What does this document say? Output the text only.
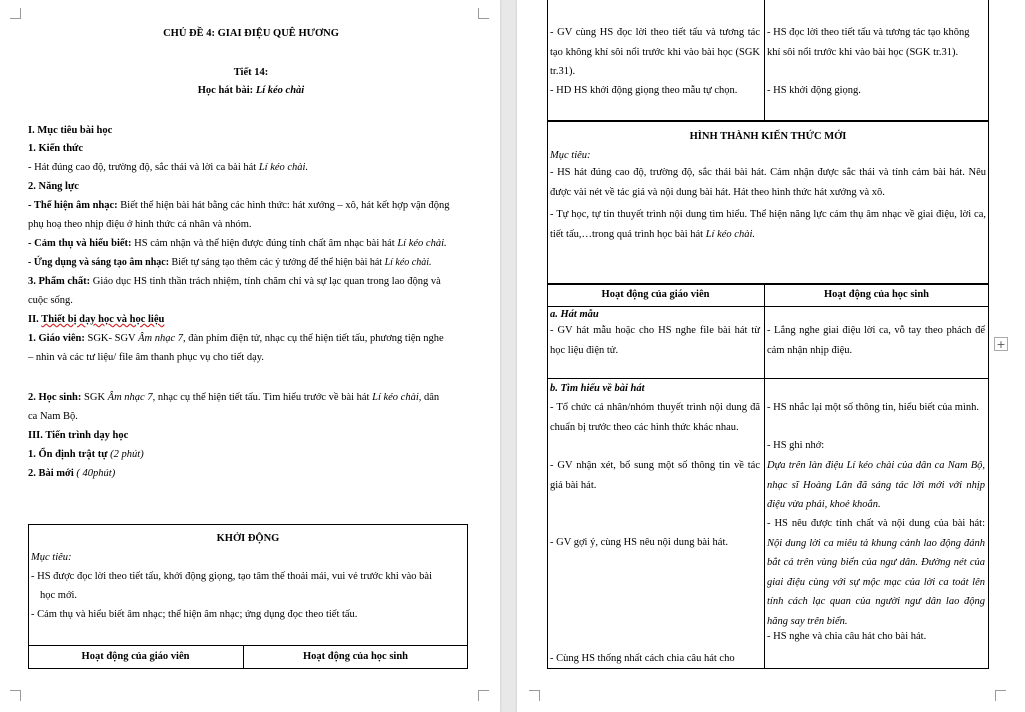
CHỦ ĐỀ 4: GIAI ĐIỆU QUÊ HƯƠNG
Tiết 14:
Học hát bài: Lí kéo chài
I. Mục tiêu bài học
1. Kiến thức
- Hát đúng cao độ, trường độ, sắc thái và lời ca bài hát Lí kéo chài.
2. Năng lực
- Thể hiện âm nhạc: Biết thể hiện bài hát bằng các hình thức: hát xướng – xô, hát kết hợp vận động
phụ hoạ theo nhịp điệu ở hình thức cá nhân và nhóm.
- Cảm thụ và hiểu biết: HS cảm nhận và thể hiện được đúng tính chất âm nhạc bài hát Lí kéo chài.
- Ứng dụng và sáng tạo âm nhạc: Biết tự sáng tạo thêm các ý tưởng để thể hiện bài hát Lí kéo chài.
3. Phẩm chất: Giáo dục HS tinh thần trách nhiệm, tính chăm chỉ và sự lạc quan trong lao động và
cuộc sống.
II. Thiết bị dạy học và học liệu
1. Giáo viên: SGK- SGV Âm nhạc 7, đàn phím điện tử, nhạc cụ thể hiện tiết tấu, phương tiện nghe
– nhìn và các tư liệu/ file âm thanh phục vụ cho tiết dạy.
2. Học sinh: SGK Âm nhạc 7, nhạc cụ thể hiện tiết tấu. Tìm hiểu trước về bài hát Lí kéo chài, dân
ca Nam Bộ.
III. Tiến trình dạy học
1. Ổn định trật tự (2 phút)
2. Bài mới ( 40phút)
KHỞI ĐỘNG
Mục tiêu:
- HS được đọc lời theo tiết tấu, khởi động giọng, tạo tâm thế thoải mái, vui vẻ trước khi vào bài
học mới.
- Cảm thụ và hiểu biết âm nhạc; thể hiện âm nhạc; ứng dụng đọc theo tiết tấu.
Hoạt động của giáo viên	Hoạt động của học sinh
- GV cùng HS đọc lời theo tiết tấu và tương tác tạo không khí sôi nổi trước khi vào bài học (SGK tr.31).
- HD HS khởi động giọng theo mẫu tự chọn.
- HS đọc lời theo tiết tấu và tương tác tạo không khí sôi nổi trước khi vào bài học (SGK tr.31).
- HS khởi động giọng.
HÌNH THÀNH KIẾN THỨC MỚI
Mục tiêu:
- HS hát đúng cao độ, trường độ, sắc thái bài hát. Cảm nhận được sắc thái và tính cảm bài hát. Nêu được vài nét về tác giả và nội dung bài hát. Hát theo hình thức hát xướng và xô.
- Tự học, tự tin thuyết trình nội dung tìm hiểu. Thể hiện năng lực cảm thụ âm nhạc về giai điệu, lời ca, tiết tấu,…trong quá trình học bài hát Lí kéo chài.
Hoạt động của giáo viên	Hoạt động của học sinh
a. Hát mẫu
- GV hát mẫu hoặc cho HS nghe file bài hát từ học liệu điện tử.
- Lắng nghe giai điệu lời ca, vỗ tay theo phách để cảm nhận nhịp điệu.
b. Tìm hiểu về bài hát
- Tổ chức cá nhân/nhóm thuyết trình nội dung đã chuẩn bị trước theo các hình thức khác nhau.
- GV nhận xét, bổ sung một số thông tin về tác giả bài hát.
- GV gợi ý, cùng HS nêu nội dung bài hát.
- Cùng HS thống nhất cách chia câu hát cho
- HS nhắc lại một số thông tin, hiểu biết của mình.
- HS ghi nhớ:
Dựa trên làn điệu Lí kéo chài của dân ca Nam Bộ, nhạc sĩ Hoàng Lân đã sáng tác lời mới với nhịp điệu vừa phải, khoẻ khoắn.
- HS nêu được tính chất và nội dung của bài hát: Nội dung lời ca miêu tả khung cảnh lao động đánh bắt cá trên vùng biển của ngư dân. Đường nét của giai điệu cùng với sự mộc mạc của lời ca toát lên tính cách lạc quan của người ngư dân lao động hăng say trên biển.
- HS nghe và chia câu hát cho bài hát.
+
